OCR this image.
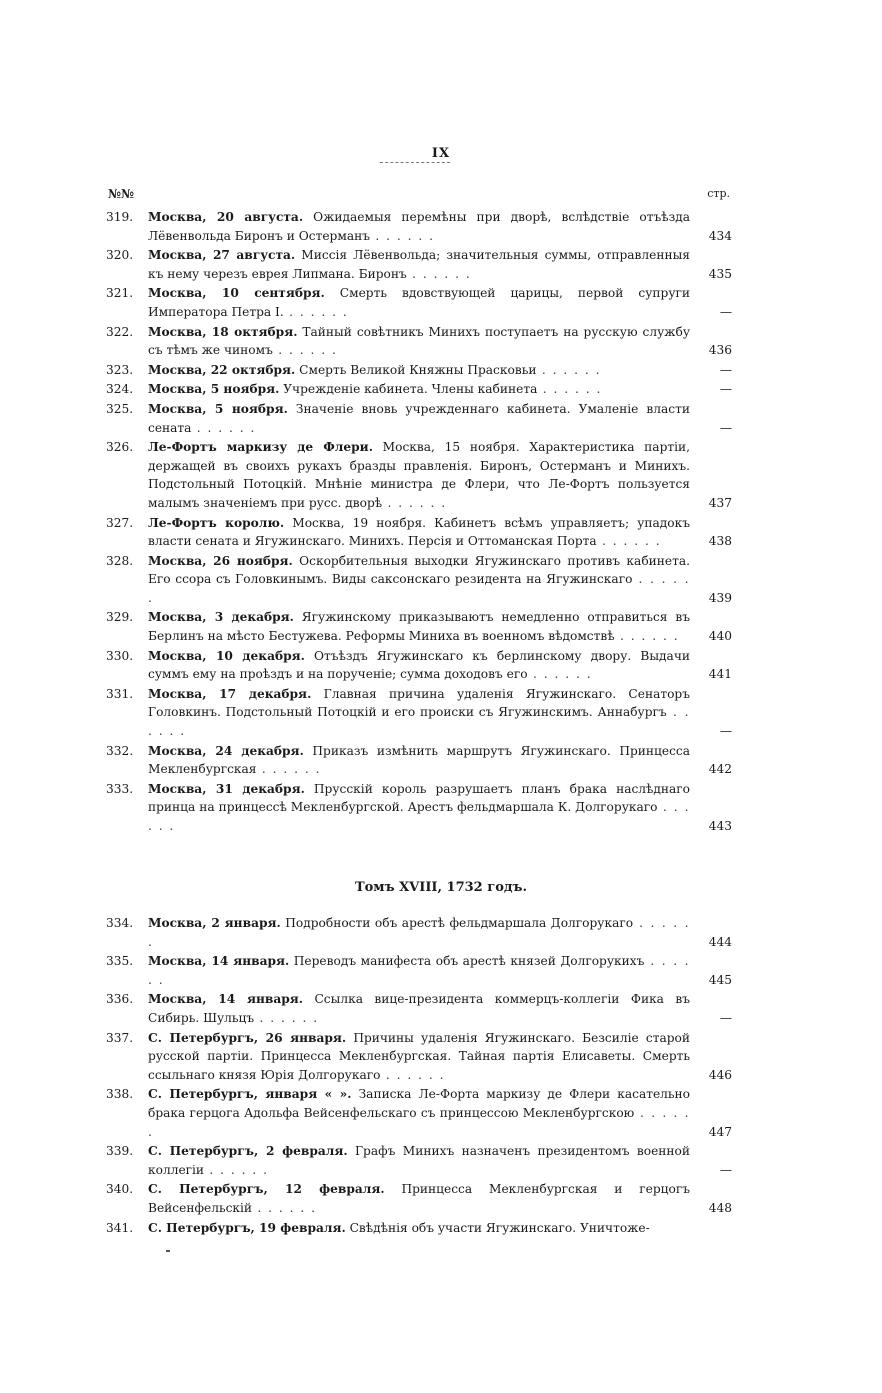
IX
№№	стр.
319.	Москва, 20 августа. Ожидаемыя перемѣны при дворѣ, вслѣдствіе отъѣзда Лёвенвольда Биронъ и Остерманъ . . . . . .	434
320.	Москва, 27 августа. Миссія Лёвенвольда; значительныя суммы, отправленныя къ нему черезъ еврея Липмана. Биронъ . . . . . .	435
321.	Москва, 10 сентября. Смерть вдовствующей царицы, первой супруги Императора Петра I. . . . . . .	—
322.	Москва, 18 октября. Тайный совѣтникъ Минихъ поступаетъ на русскую службу съ тѣмъ же чиномъ . . . . . .	436
323.	Москва, 22 октября. Смерть Великой Княжны Прасковьи . . . . . .	—
324.	Москва, 5 ноября. Учрежденіе кабинета. Члены кабинета . . . . . .	—
325.	Москва, 5 ноября. Значеніе вновь учрежденнаго кабинета. Умаленіе власти сената . . . . . .	—
326.	Ле-Фортъ маркизу де Флери. Москва, 15 ноября. Характеристика партіи, держащей въ своихъ рукахъ бразды правленія. Биронъ, Остерманъ и Минихъ. Подстольный Потоцкій. Мнѣніе министра де Флери, что Ле-Фортъ пользуется малымъ значеніемъ при русс. дворѣ . . . . . .	437
327.	Ле-Фортъ королю. Москва, 19 ноября. Кабинетъ всѣмъ управляетъ; упадокъ власти сената и Ягужинскаго. Минихъ. Персія и Оттоманская Порта . . . . . .	438
328.	Москва, 26 ноября. Оскорбительныя выходки Ягужинскаго противъ кабинета. Его ссора съ Головкинымъ. Виды саксонскаго резидента на Ягужинскаго . . . . . .	439
329.	Москва, 3 декабря. Ягужинскому приказываютъ немедленно отправиться въ Берлинъ на мѣсто Бестужева. Реформы Миниха въ военномъ вѣдомствѣ . . . . . .	440
330.	Москва, 10 декабря. Отъѣздъ Ягужинскаго къ берлинскому двору. Выдачи суммъ ему на проѣздъ и на порученіе; сумма доходовъ его . . . . . .	441
331.	Москва, 17 декабря. Главная причина удаленія Ягужинскаго. Сенаторъ Головкинъ. Подстольный Потоцкій и его происки съ Ягужинскимъ. Аннабургъ . . . . . .	—
332.	Москва, 24 декабря. Приказъ измѣнить маршрутъ Ягужинскаго. Принцесса Мекленбургская . . . . . .	442
333.	Москва, 31 декабря. Прусскій король разрушаетъ планъ брака наслѣднаго принца на принцессѣ Мекленбургской. Арестъ фельдмаршала К. Долгорукаго . . . . . .	443
Томъ XVIII, 1732 годъ.
334.	Москва, 2 января. Подробности объ арестѣ фельдмаршала Долгорукаго . . . . . .	444
335.	Москва, 14 января. Переводъ манифеста объ арестѣ князей Долгорукихъ . . . . . .	445
336.	Москва, 14 января. Ссылка вице-президента коммерцъ-коллегіи Фика въ Сибирь. Шульцъ . . . . . .	—
337.	С. Петербургъ, 26 января. Причины удаленія Ягужинскаго. Безсиліе старой русской партіи. Принцесса Мекленбургская. Тайная партія Елисаветы. Смерть ссыльнаго князя Юрія Долгорукаго . . . . . .	446
338.	С. Петербургъ, января « ». Записка Ле-Форта маркизу де Флери касательно брака герцога Адольфа Вейсенфельскаго съ принцессою Мекленбургскою . . . . . .	447
339.	С. Петербургъ, 2 февраля. Графъ Минихъ назначенъ президентомъ военной коллегіи . . . . . .	—
340.	С. Петербургъ, 12 февраля. Принцесса Мекленбургская и герцогъ Вейсенфельскій . . . . . .	448
341.	С. Петербургъ, 19 февраля. Свѣдѣнія объ участи Ягужинскаго. Уничтоже-
